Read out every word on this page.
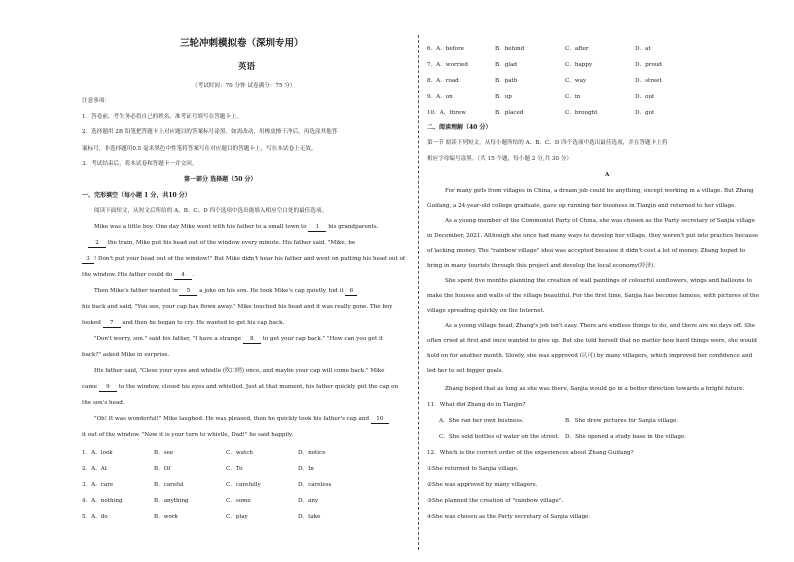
三轮冲刺模拟卷（深圳专用）
英语
（考试时间：70 分钟 试卷满分：75 分）
注意事项：
1．答卷前，考生务必将自己的姓名、准考证号填写在答题卡上。
2．选择题用 2B 铅笔把答题卡上对应题目的答案标号涂黑。如需改动，用橡皮擦干净后，再选涂其他答
案标号，非选择题用0.5 毫米黑色中性笔将答案写在对应题目的答题卡上，写在本试卷上无效。
3．考试结束后，将本试卷和答题卡一并交回。
第一部分 选择题（50 分）
一、完形填空（每小题 1 分，共10 分）
阅读下面短文，从短文后所给的 A、B、C、D 四个选项中选出能填入相应空白处的最佳选项。
Mike was a little boy. One day Mike went with his father to a small town to 1 his grandparents.
2 the train, Mike put his head out of the window every minute. His father said, "Mike, be
3 ! Don't put your head out of the window!" But Mike didn't hear his father and went on putting his head out of
the window. His father could do 4 .
Then Mike's father wanted to 5 a joke on his son. He took Mike's cap quietly, hid it 6
his back and said, "You see, your cap has flown away." Mike touched his head and it was really gone. The boy
looked 7 and then he began to cry. He wanted to get his cap back.
"Don't worry, son." said his father, "I have a strange 8 to get your cap back." "How can you get it
back?" asked Mike in surprise.
His father said, "Close your eyes and whistle (吹口哨) once, and maybe your cap will come back." Mike
came 9 to the window, closed his eyes and whistled. Just at that moment, his father quickly put the cap on
the son's head.
"Oh! It was wonderful!" Mike laughed. He was pleased, then he quickly took his father's cap and 10
it out of the window. "Now it is your turn to whistle, Dad!" he said happily.
1．A．look	B．see	C．watch	D．notice
2．A．At	B．Of	C．To	D．In
3．A．care	B．careful	C．carefully	D．careless
4．A．nothing	B．anything	C．some	D．any
5．A．do	B．work	C．play	D．take
6．A．before	B．behind	C．after	D．at
7．A．worried	B．glad	C．happy	D．proud
8．A．road	B．path	C．way	D．street
9．A．on	B．up	C．in	D．out
10．A．threw	B．placed	C．brought	D．got
二、阅读理解（40 分）
第一节 阅读下列短文，从每小题所给的 A、B、C、D 四个选项中选出最佳选项，并在答题卡上将
相应字母编号涂黑。（共 15 个题，每小题 2 分,共 30 分）
A
For many girls from villages in China, a dream job could be anything, except working in a village. But Zhang
Guifang, a 24-year-old college graduate, gave up running her business in Tianjin and returned to her village.
As a young member of the Communist Party of China, she was chosen as the Party secretary of Sanjia village
in December, 2021. Although she once had many ways to develop her village, they weren't put into practice because
of lacking money. The "rainbow village" idea was accepted because it didn't cost a lot of money. Zhang hoped to
bring in many tourists through this project and develop the local economy(经济).
She spent five months planning the creation of wall paintings of colourful sunflowers, wings and balloons to
make the houses and walls of the village beautiful. For the first time, Sanjia has become famous, with pictures of the
village spreading quickly on the Internet.
As a young village head, Zhang's job isn't easy. There are endless things to do, and there are no days off. She
often cried at first and once wanted to give up. But she told herself that no matter how hard things were, she would
hold on for another month. Slowly, she was approved (认可) by many villagers, which improved her confidence and
led her to set bigger goals.
Zhang hoped that as long as she was there, Sanjia would go in a better direction towards a bright future.
11．What did Zhang do in Tianjin?
A．She ran her own business.	B．She drew pictures for Sanjia village.
C．She sold bottles of water on the street. D．She opened a study base in the village.
12．Which is the correct order of the experiences about Zhang Guifang?
①She returned to Sanjia village.
②She was approved by many villagers.
③She planned the creation of "rainbow village".
④She was chosen as the Party secretary of Sanjia village.
